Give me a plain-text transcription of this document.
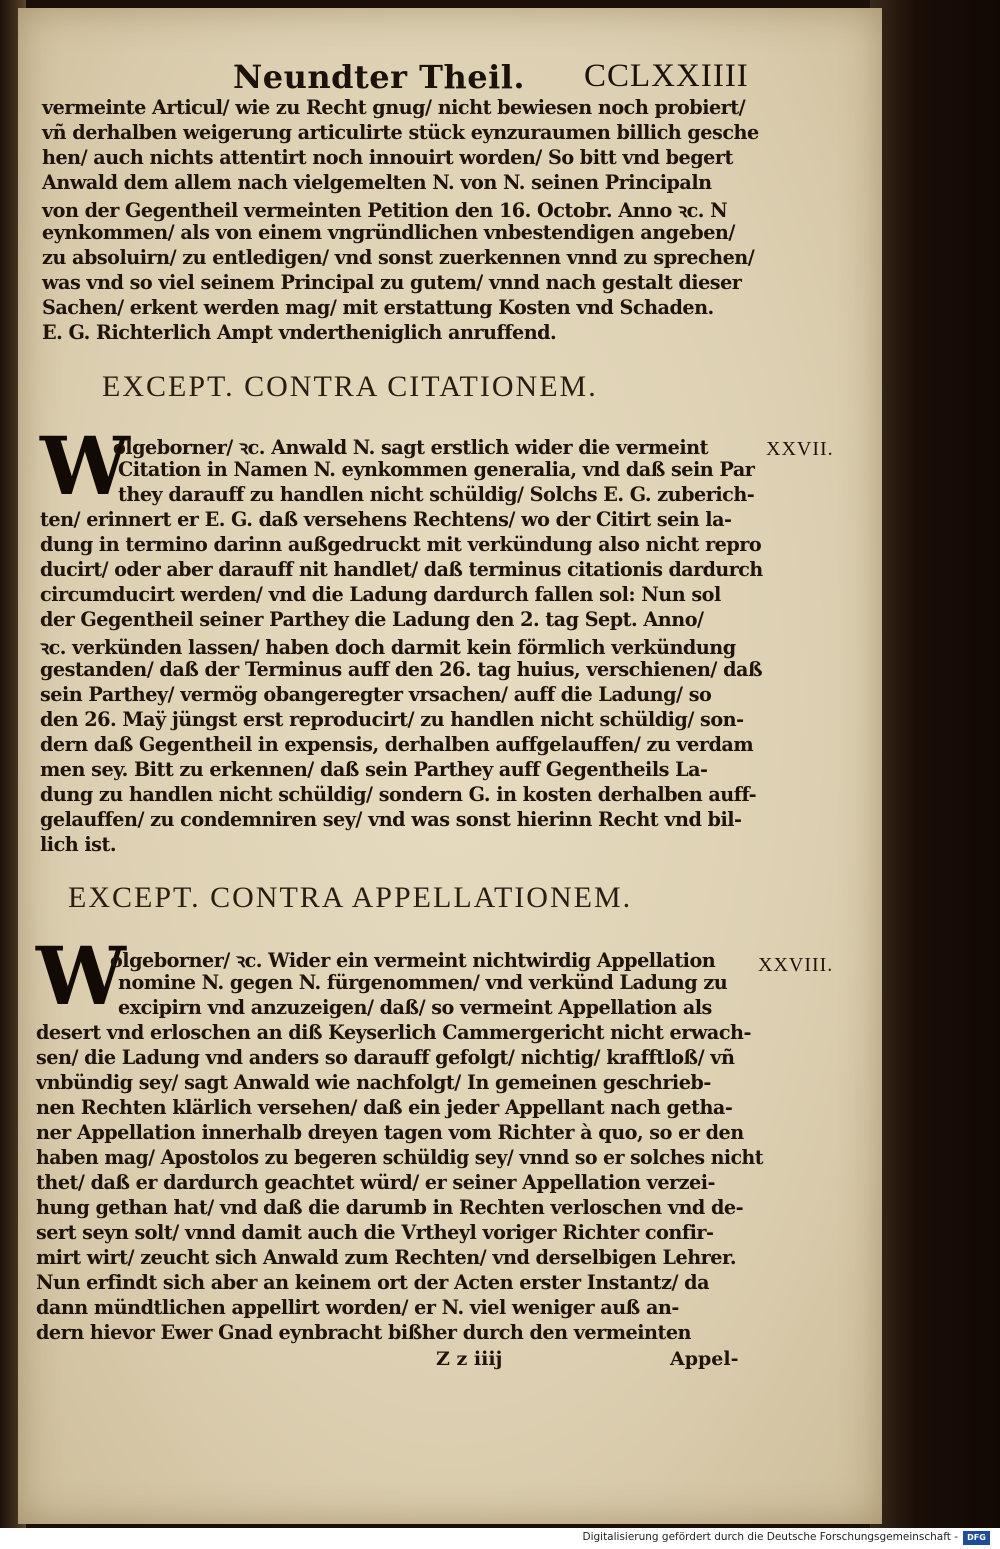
Neundter Theil. CCLXXIIII
vermeinte Articul/ wie zu Recht gnug/ nicht bewiesen noch probiert/
vñ derhalben weigerung articulirte stück eynzuraumen billich gesche
hen/ auch nichts attentirt noch innouirt worden/ So bitt vnd begert
Anwald dem allem nach vielgemelten N. von N. seinen Principaln
von der Gegentheil vermeinten Petition den 16. Octobr. Anno ꝛc. N
eynkommen/ als von einem vngründlichen vnbestendigen angeben/
zu absoluirn/ zu entledigen/ vnd sonst zuerkennen vnnd zu sprechen/
was vnd so viel seinem Principal zu gutem/ vnnd nach gestalt dieser
Sachen/ erkent werden mag/ mit erstattung Kosten vnd Schaden.
E. G. Richterlich Ampt vndertheniglich anruffend.
EXCEPT. CONTRA CITATIONEM.
XXVII.
W
olgeborner/ ꝛc. Anwald N. sagt erstlich wider die vermeint
Citation in Namen N. eynkommen generalia, vnd daß sein Par
they darauff zu handlen nicht schüldig/ Solchs E. G. zuberich-
ten/ erinnert er E. G. daß versehens Rechtens/ wo der Citirt sein la-
dung in termino darinn außgedruckt mit verkündung also nicht repro
ducirt/ oder aber darauff nit handlet/ daß terminus citationis dardurch
circumducirt werden/ vnd die Ladung dardurch fallen sol: Nun sol
der Gegentheil seiner Parthey die Ladung den 2. tag Sept. Anno/
ꝛc. verkünden lassen/ haben doch darmit kein förmlich verkündung
gestanden/ daß der Terminus auff den 26. tag huius, verschienen/ daß
sein Parthey/ vermög obangeregter vrsachen/ auff die Ladung/ so
den 26. Maÿ jüngst erst reproducirt/ zu handlen nicht schüldig/ son-
dern daß Gegentheil in expensis, derhalben auffgelauffen/ zu verdam
men sey. Bitt zu erkennen/ daß sein Parthey auff Gegentheils La-
dung zu handlen nicht schüldig/ sondern G. in kosten derhalben auff-
gelauffen/ zu condemniren sey/ vnd was sonst hierinn Recht vnd bil-
lich ist.
EXCEPT. CONTRA APPELLATIONEM.
XXVIII.
W
olgeborner/ ꝛc. Wider ein vermeint nichtwirdig Appellation
nomine N. gegen N. fürgenommen/ vnd verkünd Ladung zu
excipirn vnd anzuzeigen/ daß/ so vermeint Appellation als
desert vnd erloschen an diß Keyserlich Cammergericht nicht erwach-
sen/ die Ladung vnd anders so darauff gefolgt/ nichtig/ krafftloß/ vñ
vnbündig sey/ sagt Anwald wie nachfolgt/ In gemeinen geschrieb-
nen Rechten klärlich versehen/ daß ein jeder Appellant nach getha-
ner Appellation innerhalb dreyen tagen vom Richter à quo, so er den
haben mag/ Apostolos zu begeren schüldig sey/ vnnd so er solches nicht
thet/ daß er dardurch geachtet würd/ er seiner Appellation verzei-
hung gethan hat/ vnd daß die darumb in Rechten verloschen vnd de-
sert seyn solt/ vnnd damit auch die Vrtheyl voriger Richter confir-
mirt wirt/ zeucht sich Anwald zum Rechten/ vnd derselbigen Lehrer.
Nun erfindt sich aber an keinem ort der Acten erster Instantz/ da
dann mündtlichen appellirt worden/ er N. viel weniger auß an-
dern hievor Ewer Gnad eynbracht bißher durch den vermeinten
Z z iiij	Appel-
Digitalisierung gefördert durch die Deutsche Forschungsgemeinschaft -	DFG
